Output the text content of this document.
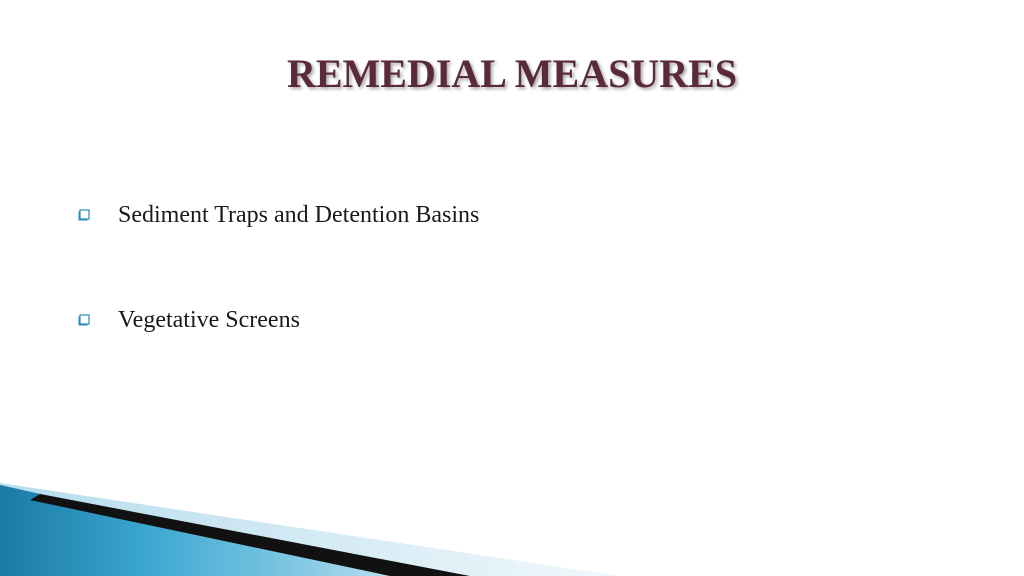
REMEDIAL MEASURES
Sediment Traps and Detention Basins
Vegetative Screens
